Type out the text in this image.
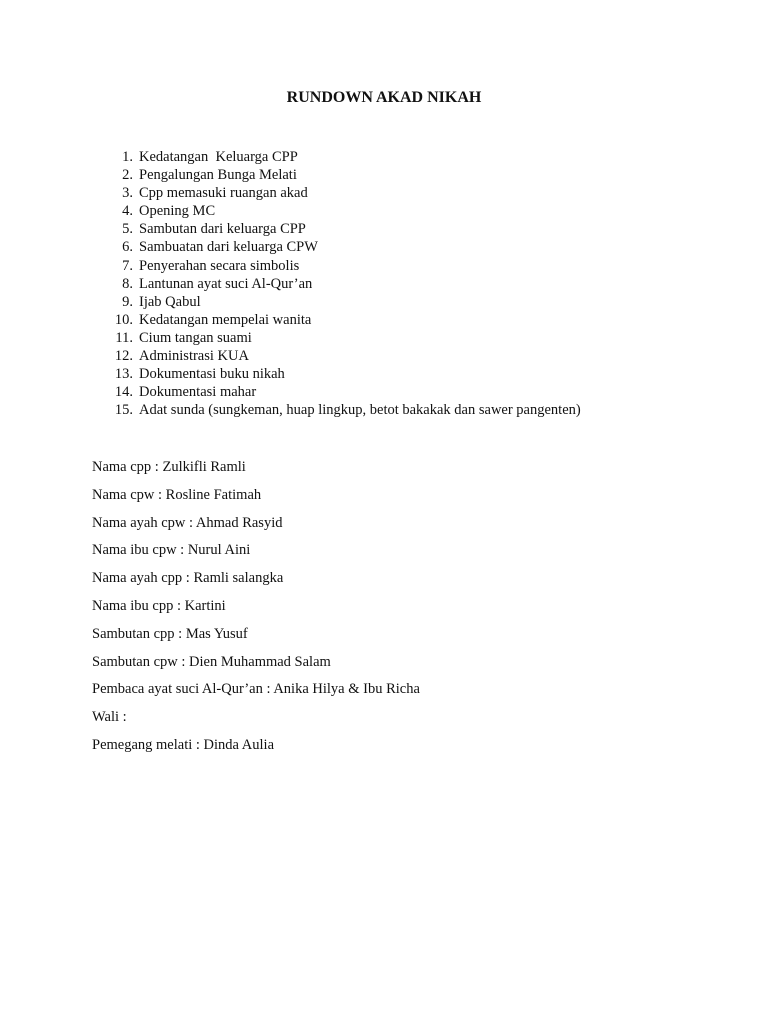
RUNDOWN AKAD NIKAH
1. Kedatangan  Keluarga CPP
2. Pengalungan Bunga Melati
3. Cpp memasuki ruangan akad
4. Opening MC
5. Sambutan dari keluarga CPP
6. Sambuatan dari keluarga CPW
7. Penyerahan secara simbolis
8. Lantunan ayat suci Al-Qur’an
9. Ijab Qabul
10. Kedatangan mempelai wanita
11. Cium tangan suami
12. Administrasi KUA
13. Dokumentasi buku nikah
14. Dokumentasi mahar
15. Adat sunda (sungkeman, huap lingkup, betot bakakak dan sawer pangenten)
Nama cpp : Zulkifli Ramli
Nama cpw : Rosline Fatimah
Nama ayah cpw : Ahmad Rasyid
Nama ibu cpw : Nurul Aini
Nama ayah cpp : Ramli salangka
Nama ibu cpp : Kartini
Sambutan cpp : Mas Yusuf
Sambutan cpw : Dien Muhammad Salam
Pembaca ayat suci Al-Qur’an : Anika Hilya & Ibu Richa
Wali :
Pemegang melati : Dinda Aulia
